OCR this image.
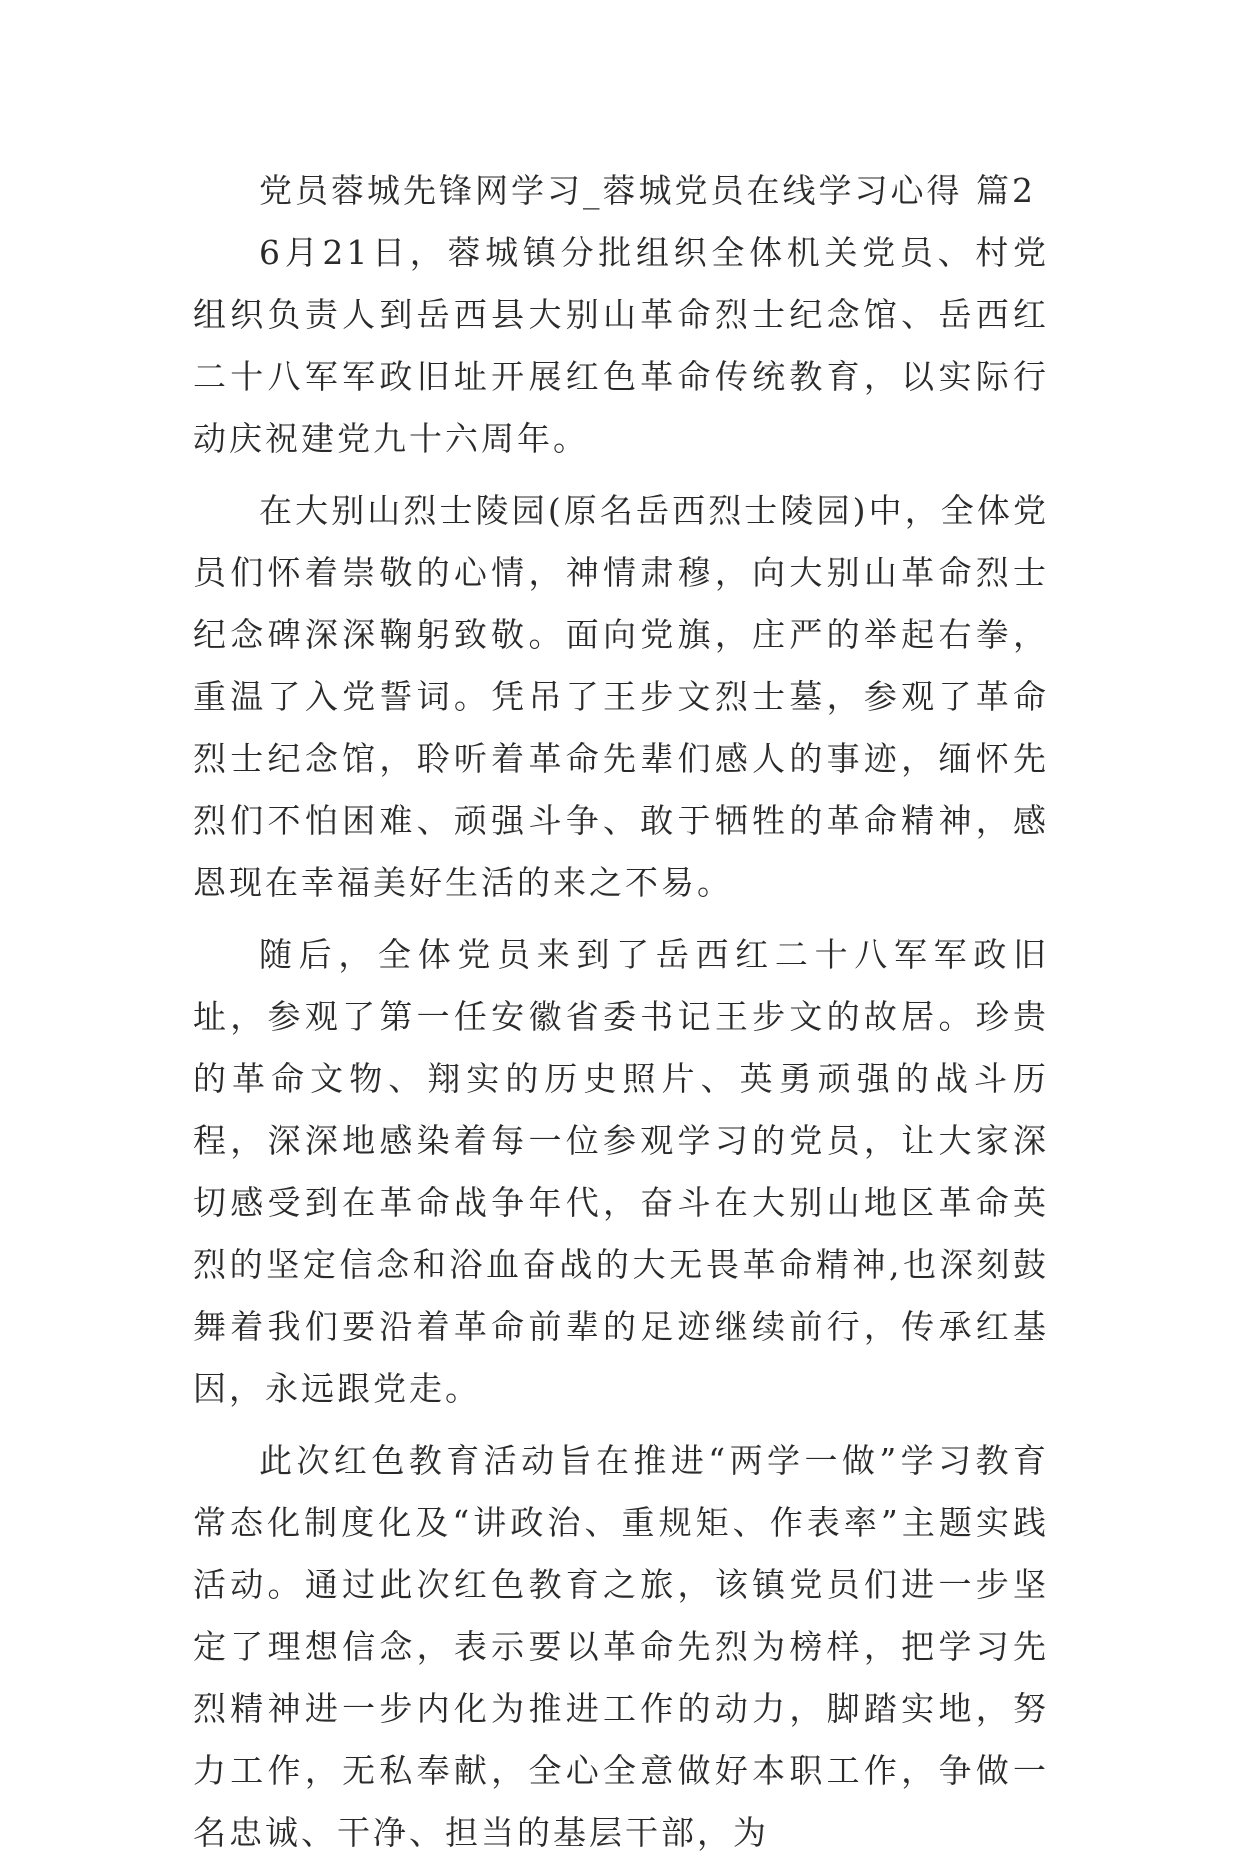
党员蓉城先锋网学习_蓉城党员在线学习心得 篇2

6月21日，蓉城镇分批组织全体机关党员、村党组织负责人到岳西县大别山革命烈士纪念馆、岳西红二十八军军政旧址开展红色革命传统教育，以实际行动庆祝建党九十六周年。

在大别山烈士陵园(原名岳西烈士陵园)中，全体党员们怀着崇敬的心情，神情肃穆，向大别山革命烈士纪念碑深深鞠躬致敬。面向党旗，庄严的举起右拳，重温了入党誓词。凭吊了王步文烈士墓，参观了革命烈士纪念馆，聆听着革命先辈们感人的事迹，缅怀先烈们不怕困难、顽强斗争、敢于牺牲的革命精神，感恩现在幸福美好生活的来之不易。

随后，全体党员来到了岳西红二十八军军政旧址，参观了第一任安徽省委书记王步文的故居。珍贵的革命文物、翔实的历史照片、英勇顽强的战斗历程，深深地感染着每一位参观学习的党员，让大家深切感受到在革命战争年代，奋斗在大别山地区革命英烈的坚定信念和浴血奋战的大无畏革命精神,也深刻鼓舞着我们要沿着革命前辈的足迹继续前行，传承红基因，永远跟党走。

此次红色教育活动旨在推进“两学一做”学习教育常态化制度化及“讲政治、重规矩、作表率”主题实践活动。通过此次红色教育之旅，该镇党员们进一步坚定了理想信念，表示要以革命先烈为榜样，把学习先烈精神进一步内化为推进工作的动力，脚踏实地，努力工作，无私奉献，全心全意做好本职工作，争做一名忠诚、干净、担当的基层干部，为
